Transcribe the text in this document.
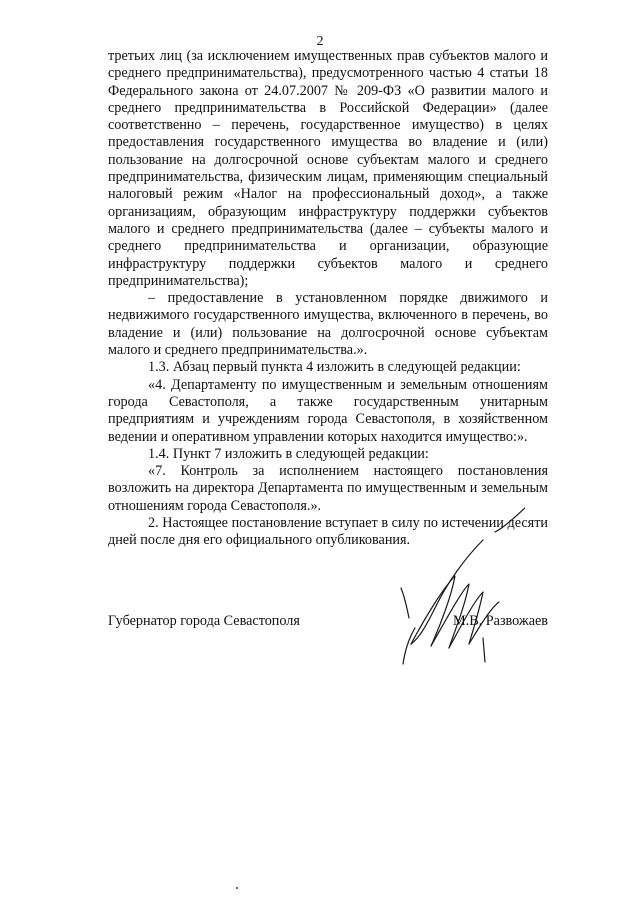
2

третьих лиц (за исключением имущественных прав субъектов малого и среднего предпринимательства), предусмотренного частью 4 статьи 18 Федерального закона от 24.07.2007 № 209-ФЗ «О развитии малого и среднего предпринимательства в Российской Федерации» (далее соответственно – перечень, государственное имущество) в целях предоставления государственного имущества во владение и (или) пользование на долгосрочной основе субъектам малого и среднего предпринимательства, физическим лицам, применяющим специальный налоговый режим «Налог на профессиональный доход», а также организациям, образующим инфраструктуру поддержки субъектов малого и среднего предпринимательства (далее – субъекты малого и среднего предпринимательства и организации, образующие инфраструктуру поддержки субъектов малого и среднего предпринимательства);

– предоставление в установленном порядке движимого и недвижимого государственного имущества, включенного в перечень, во владение и (или) пользование на долгосрочной основе субъектам малого и среднего предпринимательства.».

1.3. Абзац первый пункта 4 изложить в следующей редакции:

«4. Департаменту по имущественным и земельным отношениям города Севастополя, а также государственным унитарным предприятиям и учреждениям города Севастополя, в хозяйственном ведении и оперативном управлении которых находится имущество:».

1.4. Пункт 7 изложить в следующей редакции:

«7. Контроль за исполнением настоящего постановления возложить на директора Департамента по имущественным и земельным отношениям города Севастополя.».

2. Настоящее постановление вступает в силу по истечении десяти дней после дня его официального опубликования.

Губернатор города Севастополя	М.В. Развожаев
